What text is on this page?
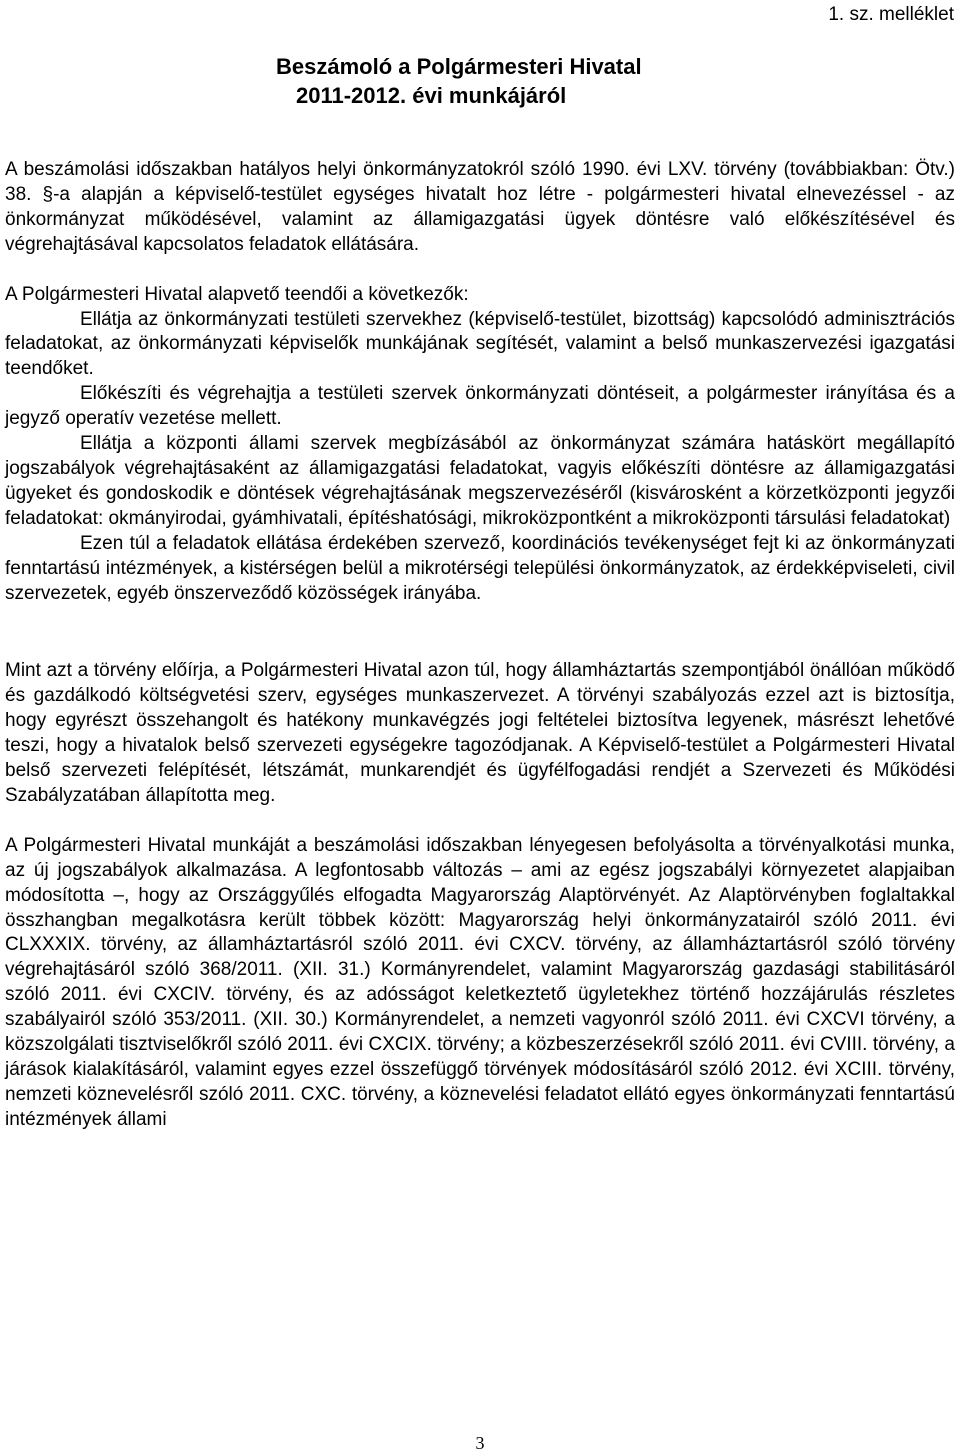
1. sz. melléklet
Beszámoló a Polgármesteri Hivatal
2011-2012. évi munkájáról

A beszámolási időszakban hatályos helyi önkormányzatokról szóló 1990. évi LXV. törvény (továbbiakban: Ötv.) 38. §-a alapján a képviselő-testület egységes hivatalt hoz létre - polgármesteri hivatal elnevezéssel - az önkormányzat működésével, valamint az államigazgatási ügyek döntésre való előkészítésével és végrehajtásával kapcsolatos feladatok ellátására.

A Polgármesteri Hivatal alapvető teendői a következők:

Ellátja az önkormányzati testületi szervekhez (képviselő-testület, bizottság) kapcsolódó adminisztrációs feladatokat, az önkormányzati képviselők munkájának segítését, valamint a belső munkaszervezési igazgatási teendőket.

Előkészíti és végrehajtja a testületi szervek önkormányzati döntéseit, a polgármester irányítása és a jegyző operatív vezetése mellett.

Ellátja a központi állami szervek megbízásából az önkormányzat számára hatáskört megállapító jogszabályok végrehajtásaként az államigazgatási feladatokat, vagyis előkészíti döntésre az államigazgatási ügyeket és gondoskodik e döntések végrehajtásának megszervezéséről (kisvárosként a körzetközponti jegyzői feladatokat: okmányirodai, gyámhivatali, építéshatósági, mikroközpontként a mikroközponti társulási feladatokat)

Ezen túl a feladatok ellátása érdekében szervező, koordinációs tevékenységet fejt ki az önkormányzati fenntartású intézmények, a kistérségen belül a mikrotérségi települési önkormányzatok, az érdekképviseleti, civil szervezetek, egyéb önszerveződő közösségek irányába.

Mint azt a törvény előírja, a Polgármesteri Hivatal azon túl, hogy államháztartás szempontjából önállóan működő és gazdálkodó költségvetési szerv, egységes munkaszervezet. A törvényi szabályozás ezzel azt is biztosítja, hogy egyrészt összehangolt és hatékony munkavégzés jogi feltételei biztosítva legyenek, másrészt lehetővé teszi, hogy a hivatalok belső szervezeti egységekre tagozódjanak. A Képviselő-testület a Polgármesteri Hivatal belső szervezeti felépítését, létszámát, munkarendjét és ügyfélfogadási rendjét a Szervezeti és Működési Szabályzatában állapította meg.

A Polgármesteri Hivatal munkáját a beszámolási időszakban lényegesen befolyásolta a törvényalkotási munka, az új jogszabályok alkalmazása. A legfontosabb változás – ami az egész jogszabályi környezetet alapjaiban módosította –, hogy az Országgyűlés elfogadta Magyarország Alaptörvényét. Az Alaptörvényben foglaltakkal összhangban megalkotásra került többek között: Magyarország helyi önkormányzatairól szóló 2011. évi CLXXXIX. törvény, az államháztartásról szóló 2011. évi CXCV. törvény, az államháztartásról szóló törvény végrehajtásáról szóló 368/2011. (XII. 31.) Kormányrendelet, valamint Magyarország gazdasági stabilitásáról szóló 2011. évi CXCIV. törvény, és az adósságot keletkeztető ügyletekhez történő hozzájárulás részletes szabályairól szóló 353/2011. (XII. 30.) Kormányrendelet, a nemzeti vagyonról szóló 2011. évi CXCVI törvény, a közszolgálati tisztviselőkről szóló 2011. évi CXCIX. törvény; a közbeszerzésekről szóló 2011. évi CVIII. törvény, a járások kialakításáról, valamint egyes ezzel összefüggő törvények módosításáról szóló 2012. évi XCIII. törvény, nemzeti köznevelésről szóló 2011. CXC. törvény, a köznevelési feladatot ellátó egyes önkormányzati fenntartású intézmények állami

3
